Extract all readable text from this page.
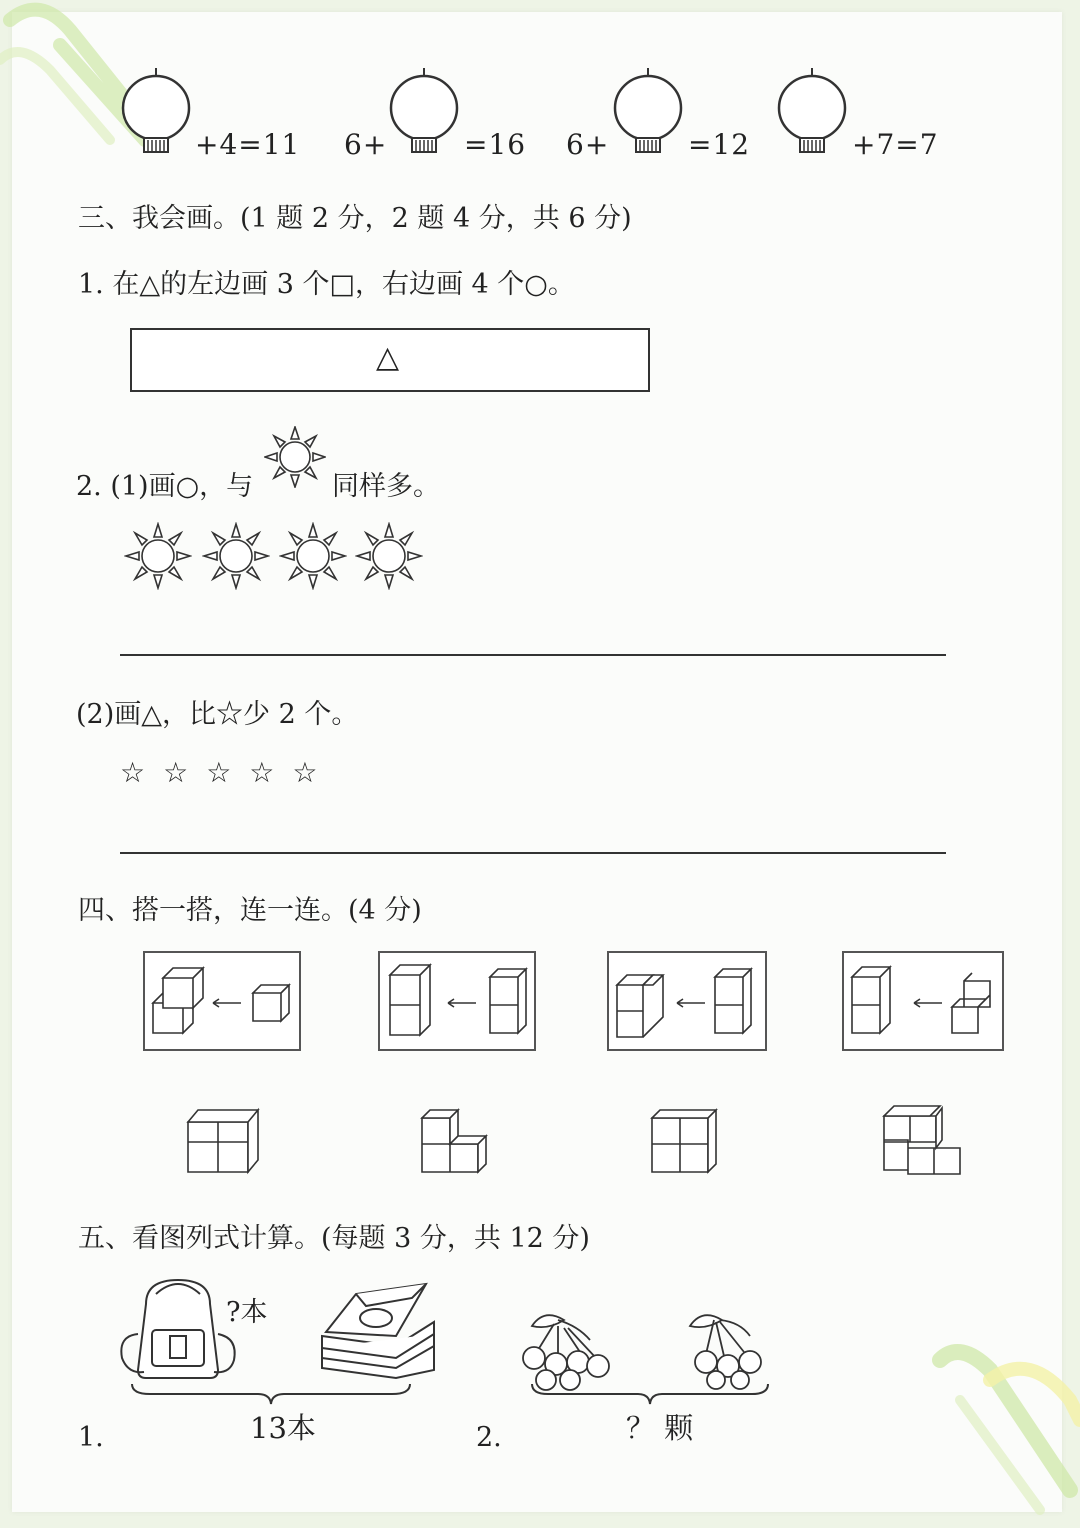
+4=11 6+	=16 6+	=12	+7=7
三、我会画。(1 题 2 分，2 题 4 分，共 6 分)
1. 在△的左边画 3 个□，右边画 4 个○。
△
2. (1)画○，与	同样多。
(2)画△，比☆少 2 个。
☆☆☆☆☆
四、搭一搭，连一连。(4 分)
五、看图列式计算。(每题 3 分，共 12 分)
?本
13本	？ 颗
1.	2.
